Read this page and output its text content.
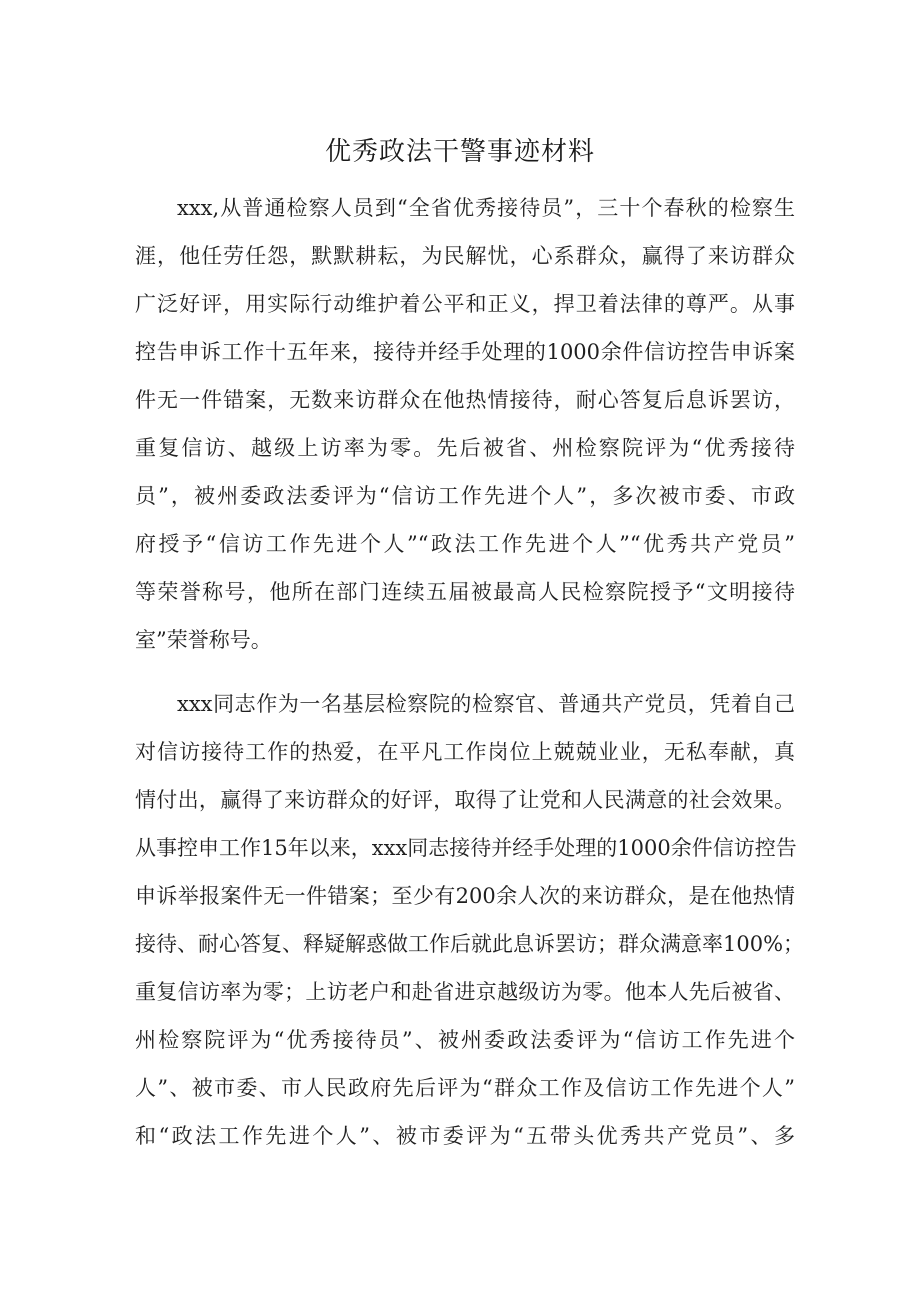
优秀政法干警事迹材料
xxx,从普通检察人员到“全省优秀接待员”，三十个春秋的检察生
涯，他任劳任怨，默默耕耘，为民解忧，心系群众，赢得了来访群众
广泛好评，用实际行动维护着公平和正义，捍卫着法律的尊严。从事
控告申诉工作十五年来，接待并经手处理的1000余件信访控告申诉案
件无一件错案，无数来访群众在他热情接待，耐心答复后息诉罢访，
重复信访、越级上访率为零。先后被省、州检察院评为“优秀接待
员”，被州委政法委评为“信访工作先进个人”，多次被市委、市政
府授予“信访工作先进个人”“政法工作先进个人”“优秀共产党员”
等荣誉称号，他所在部门连续五届被最高人民检察院授予“文明接待
室”荣誉称号。
xxx同志作为一名基层检察院的检察官、普通共产党员，凭着自己
对信访接待工作的热爱，在平凡工作岗位上兢兢业业，无私奉献，真
情付出，赢得了来访群众的好评，取得了让党和人民满意的社会效果。
从事控申工作15年以来，xxx同志接待并经手处理的1000余件信访控告
申诉举报案件无一件错案；至少有200余人次的来访群众，是在他热情
接待、耐心答复、释疑解惑做工作后就此息诉罢访；群众满意率100%；
重复信访率为零；上访老户和赴省进京越级访为零。他本人先后被省、
州检察院评为“优秀接待员”、被州委政法委评为“信访工作先进个
人”、被市委、市人民政府先后评为“群众工作及信访工作先进个人”
和“政法工作先进个人”、被市委评为“五带头优秀共产党员”、多
